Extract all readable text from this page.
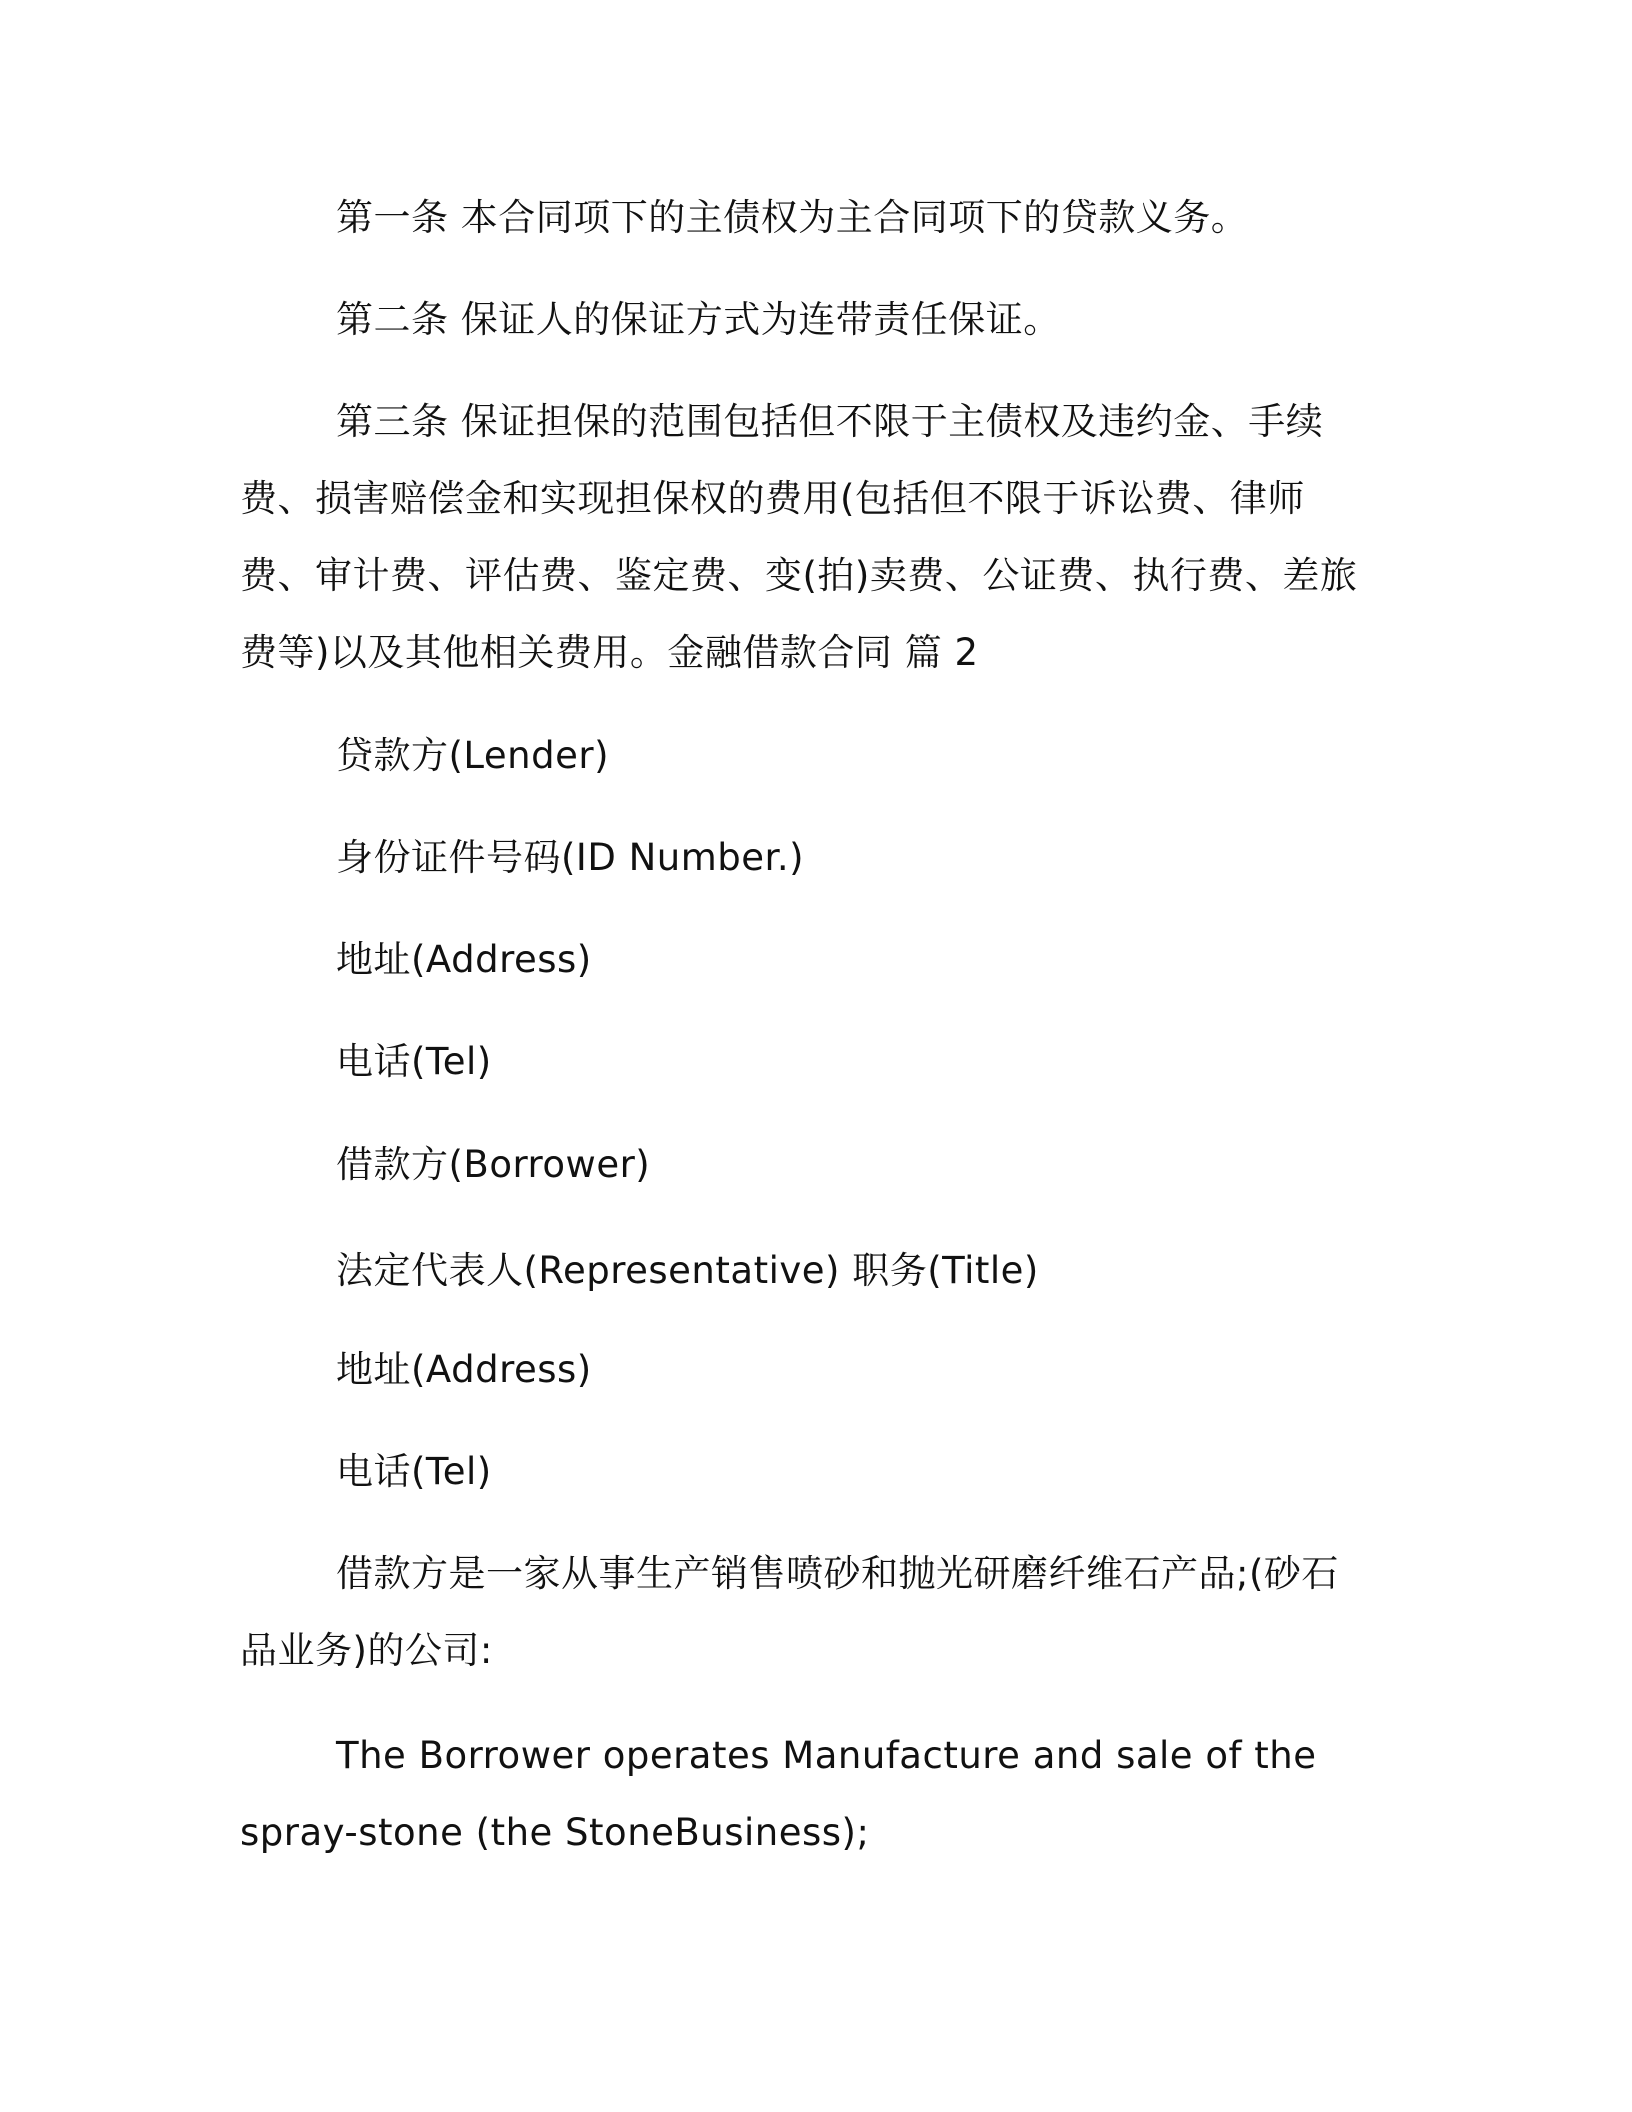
第一条 本合同项下的主债权为主合同项下的贷款义务。

第二条 保证人的保证方式为连带责任保证。

第三条 保证担保的范围包括但不限于主债权及违约金、手续费、损害赔偿金和实现担保权的费用(包括但不限于诉讼费、律师费、审计费、评估费、鉴定费、变(拍)卖费、公证费、执行费、差旅费等)以及其他相关费用。金融借款合同 篇 2

贷款方(Lender)

身份证件号码(ID Number.)

地址(Address)

电话(Tel)

借款方(Borrower)

法定代表人(Representative) 职务(Title)

地址(Address)

电话(Tel)

借款方是一家从事生产销售喷砂和抛光研磨纤维石产品;(砂石品业务)的公司:

The Borrower operates Manufacture and sale of the spray-stone (the StoneBusiness);
